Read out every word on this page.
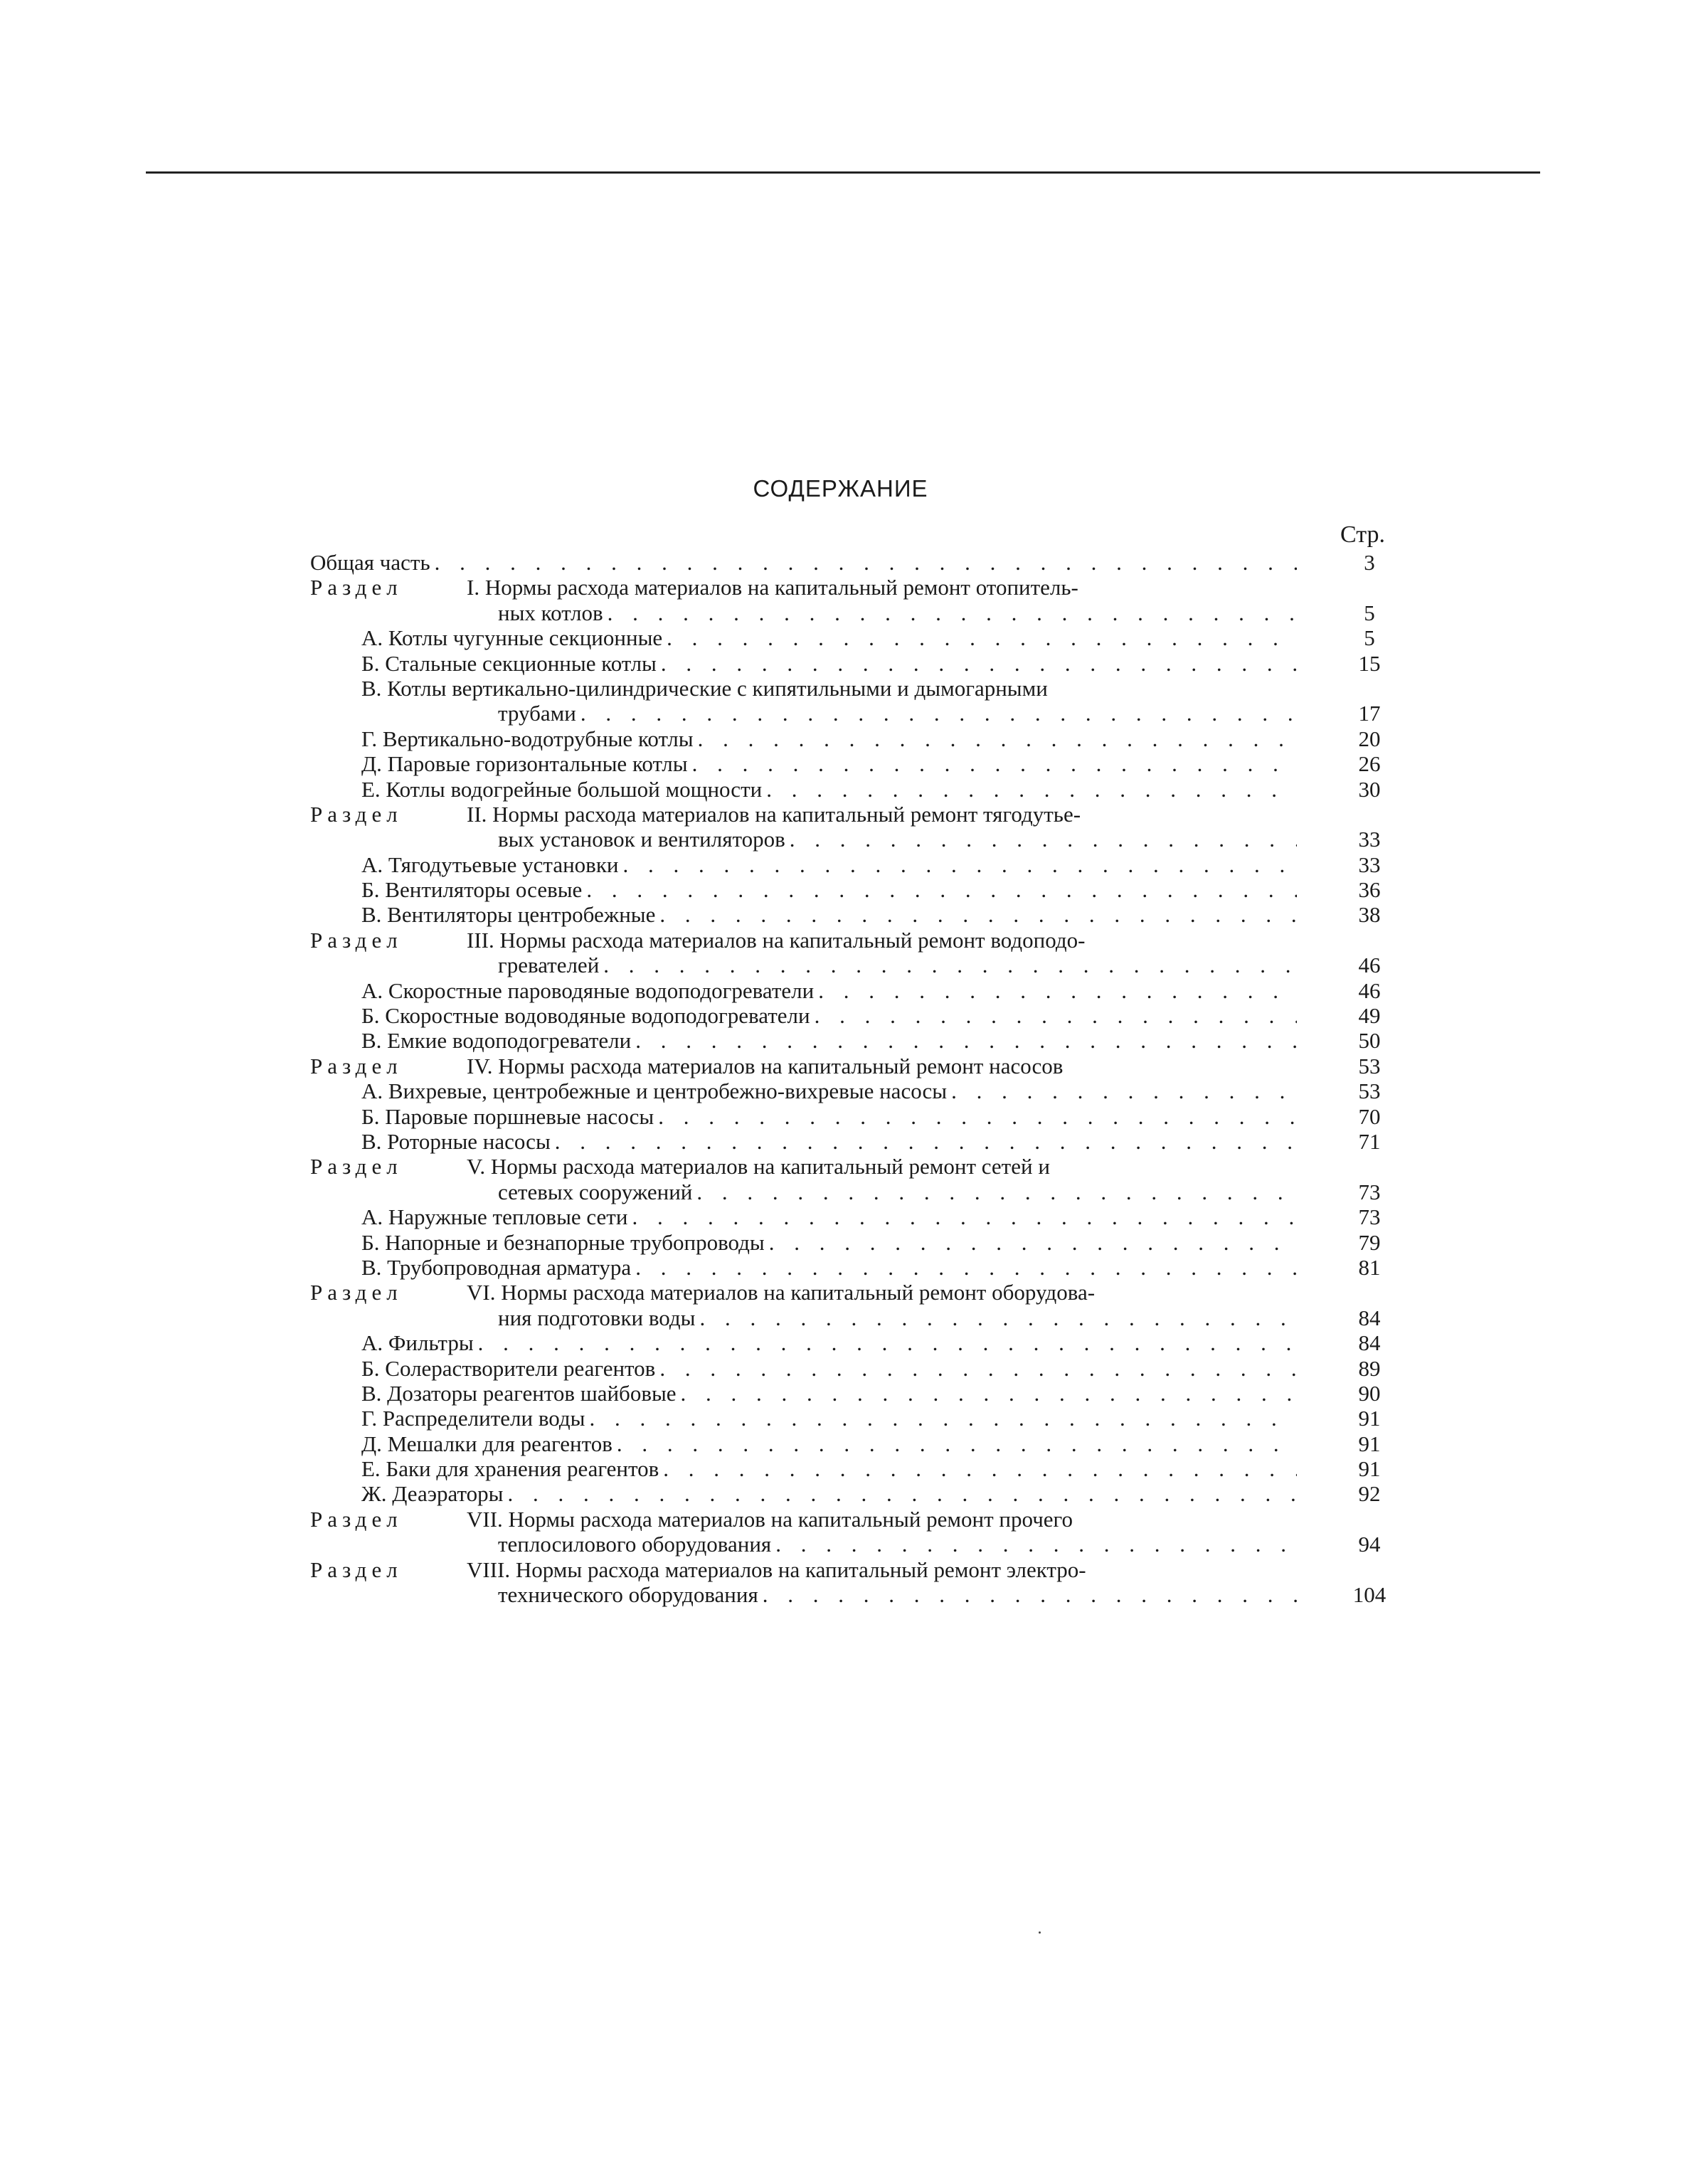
СОДЕРЖАНИЕ
Стр.
Общая часть . . .	3
Раздел	I. Нормы расхода материалов на капитальный ремонт отопитель-
ных котлов . . .	5
А. Котлы чугунные секционные . . .	5
Б. Стальные секционные котлы . . .	15
В. Котлы вертикально-цилиндрические с кипятильными и дымогарными
трубами . . .	17
Г. Вертикально-водотрубные котлы . . .	20
Д. Паровые горизонтальные котлы . . .	26
Е. Котлы водогрейные большой мощности . . .	30
Раздел	II. Нормы расхода материалов на капитальный ремонт тягодутье-
вых установок и вентиляторов . . .	33
А. Тягодутьевые установки . . .	33
Б. Вентиляторы осевые . . .	36
В. Вентиляторы центробежные . . .	38
Раздел	III. Нормы расхода материалов на капитальный ремонт водоподо-
гревателей . . .	46
А. Скоростные пароводяные водоподогреватели . . .	46
Б. Скоростные водоводяные водоподогреватели . . .	49
В. Емкие водоподогреватели . . .	50
Раздел	IV. Нормы расхода материалов на капитальный ремонт насосов	53
А. Вихревые, центробежные и центробежно-вихревые насосы . . .	53
Б. Паровые поршневые насосы . . .	70
В. Роторные насосы . . .	71
Раздел	V. Нормы расхода материалов на капитальный ремонт сетей и
сетевых сооружений . . .	73
А. Наружные тепловые сети . . .	73
Б. Напорные и безнапорные трубопроводы . . .	79
В. Трубопроводная арматура . . .	81
Раздел	VI. Нормы расхода материалов на капитальный ремонт оборудова-
ния подготовки воды . . .	84
А. Фильтры . . .	84
Б. Солерастворители реагентов . . .	89
В. Дозаторы реагентов шайбовые . . .	90
Г. Распределители воды . . .	91
Д. Мешалки для реагентов . . .	91
Е. Баки для хранения реагентов . . .	91
Ж. Деаэраторы . . .	92
Раздел	VII. Нормы расхода материалов на капитальный ремонт прочего
теплосилового оборудования . . .	94
Раздел	VIII. Нормы расхода материалов на капитальный ремонт электро-
технического оборудования . . .	104
